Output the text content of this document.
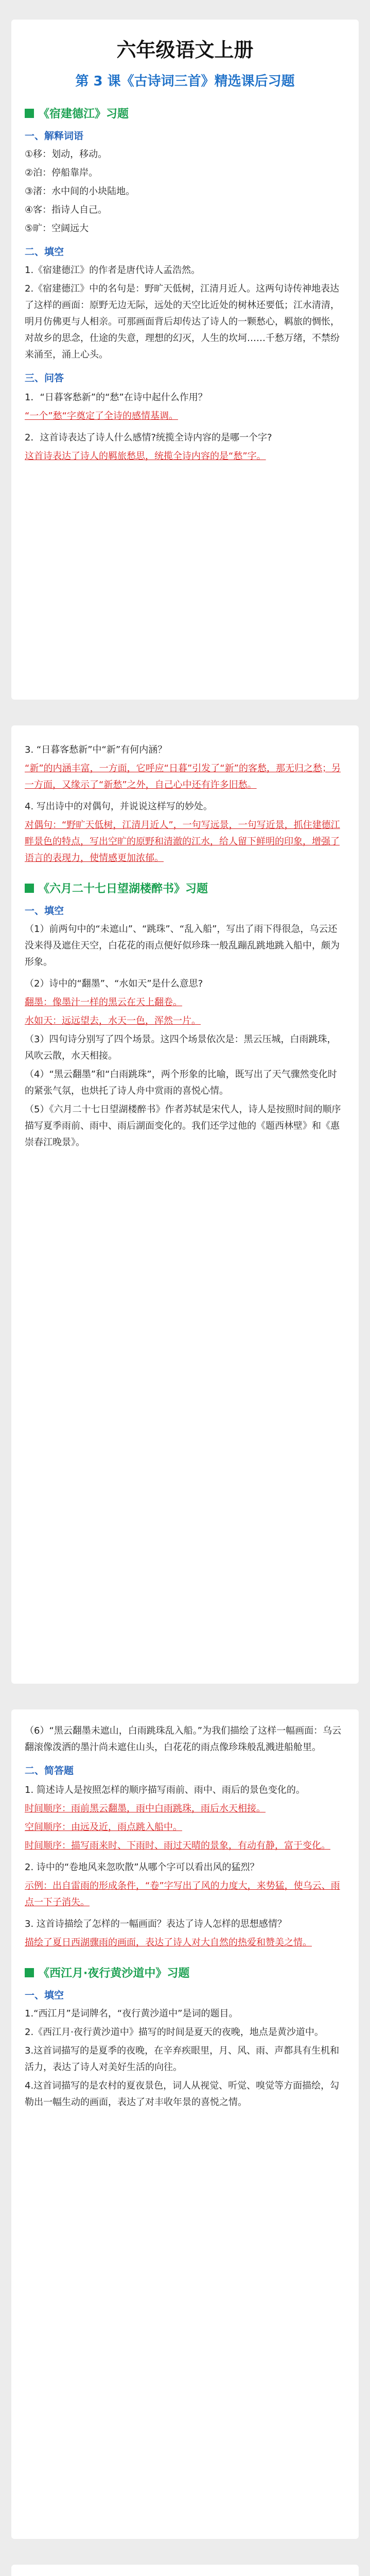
六年级语文上册
第 3 课《古诗词三首》精选课后习题
《宿建德江》习题
一、解释词语
①移：划动，移动。
②泊：停船靠岸。
③渚：水中间的小块陆地。
④客：指诗人自己。
⑤旷：空阔远大
二、填空
1.《宿建德江》的作者是唐代诗人孟浩然。
2.《宿建德江》中的名句是：野旷天低树，江清月近人。这两句诗传神地表达了这样的画面：原野无边无际，远处的天空比近处的树林还要低；江水清清，明月仿佛更与人相亲。可那画面背后却传达了诗人的一颗愁心，羁旅的惆怅，对故乡的思念，仕途的失意，理想的幻灭，人生的坎坷……千愁万绪，不禁纷来涌至，涌上心头。
三、问答
1．“日暮客愁新”的“愁”在诗中起什么作用？
“一个”愁“字奠定了全诗的感情基调。
2．这首诗表达了诗人什么感情?统揽全诗内容的是哪一个字?
这首诗表达了诗人的羁旅愁思，统揽全诗内容的是“愁”字。
3. “日暮客愁新”中“新”有何内涵？
“新”的内涵丰富，一方面，它呼应“日暮”引发了“新”的客愁，那无归之愁；另一方面，又缘示了“新愁”之外，自己心中还有许多旧愁。
4. 写出诗中的对偶句，并说说这样写的妙处。
对偶句：“野旷天低树，江清月近人”，一句写远景，一句写近景，抓住建德江畔景色的特点，写出空旷的原野和清澈的江水，给人留下鲜明的印象，增强了语言的表现力，使情感更加浓郁。
《六月二十七日望湖楼醉书》习题
一、填空
（1）前两句中的“未遮山”、“跳珠”、“乱入船”，写出了雨下得很急，乌云还没来得及遮住天空，白花花的雨点便好似珍珠一般乱蹦乱跳地跳入船中，颇为形象。
（2）诗中的“翻墨”、“水如天”是什么意思?
翻墨：像墨汁一样的黑云在天上翻卷。
水如天：远远望去，水天一色，浑然一片。
（3）四句诗分别写了四个场景。这四个场景依次是：黑云压城，白雨跳珠，风吹云散，水天相接。
（4）“黑云翻墨”和“白雨跳珠”，两个形象的比喻，既写出了天气骤然变化时的紧张气氛，也烘托了诗人舟中赏雨的喜悦心情。
（5）《六月二十七日望湖楼醉书》作者苏轼是宋代人，诗人是按照时间的顺序描写夏季雨前、雨中、雨后湖面变化的。我们还学过他的《题西林壁》和《惠崇春江晚景》。
（6）“黑云翻墨未遮山，白雨跳珠乱入船。”为我们描绘了这样一幅画面：乌云翻滚像泼洒的墨汁尚未遮住山头，白花花的雨点像珍珠般乱溅进船舱里。
二、简答题
1. 简述诗人是按照怎样的顺序描写雨前、雨中、雨后的景色变化的。
时间顺序：雨前黑云翻墨，雨中白雨跳珠，雨后水天相接。
空间顺序：由远及近，雨点跳入船中。
时间顺序：描写雨来时、下雨时、雨过天晴的景象，有动有静，富于变化。
2. 诗中的“卷地风来忽吹散”从哪个字可以看出风的猛烈？
示例：出自雷雨的形成条件，“卷”字写出了风的力度大，来势猛，使乌云、雨点一下子消失。
3. 这首诗描绘了怎样的一幅画面？表达了诗人怎样的思想感情？
描绘了夏日西湖骤雨的画面，表达了诗人对大自然的热爱和赞美之情。
《西江月·夜行黄沙道中》习题
一、填空
1.“西江月”是词牌名，“夜行黄沙道中”是词的题目。
2.《西江月·夜行黄沙道中》描写的时间是夏天的夜晚，地点是黄沙道中。
3.这首词描写的是夏季的夜晚，在辛弃疾眼里，月、风、雨、声都具有生机和活力，表达了诗人对美好生活的向往。
4.这首词描写的是农村的夏夜景色，词人从视觉、听觉、嗅觉等方面描绘，勾勒出一幅生动的画面，表达了对丰收年景的喜悦之情。
